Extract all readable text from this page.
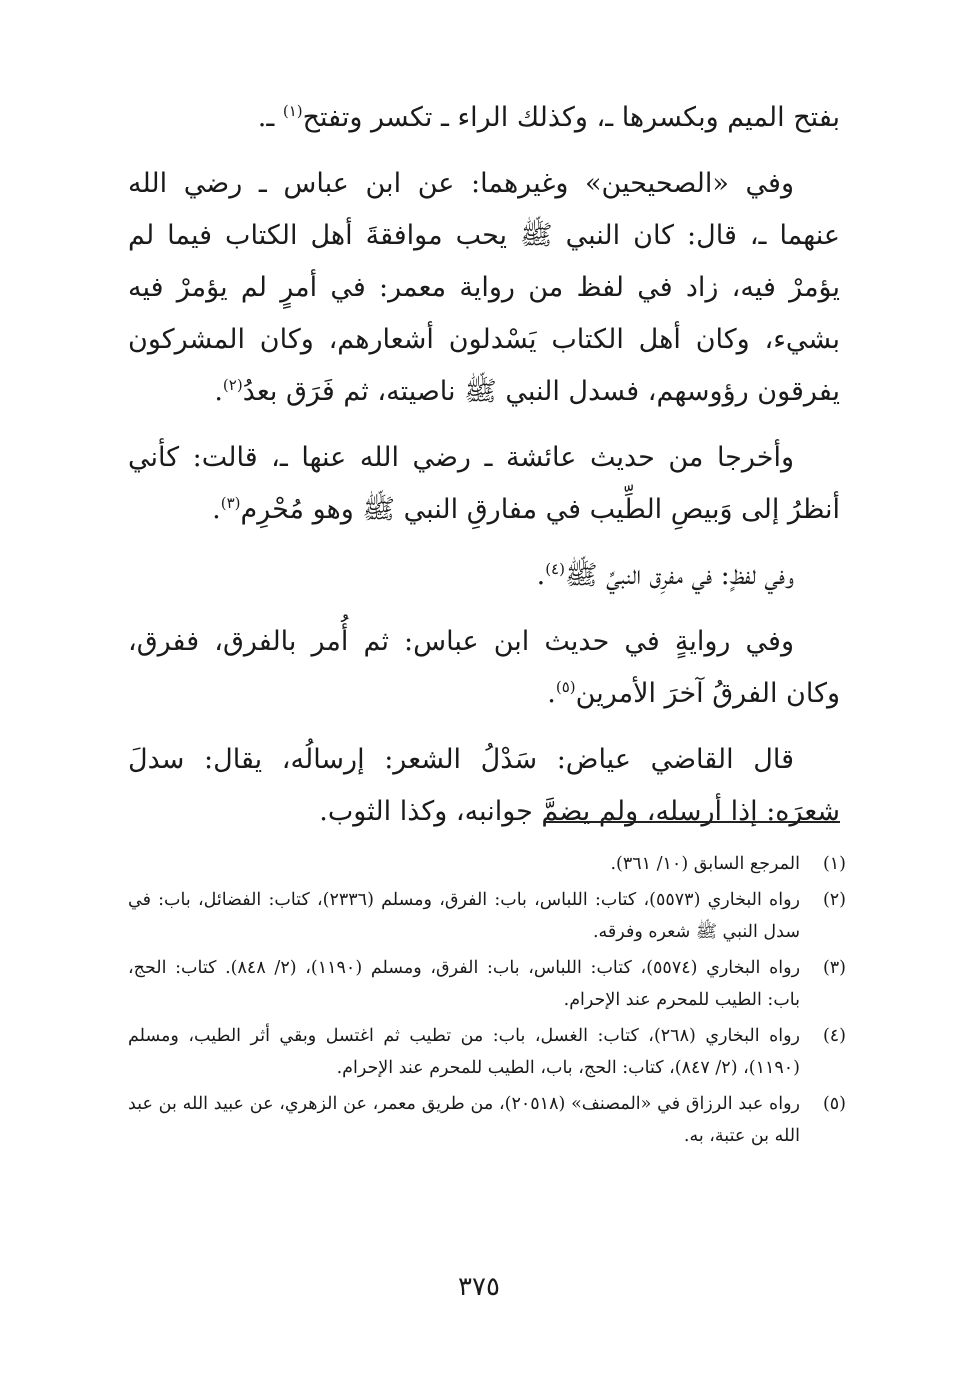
بفتح الميم وبكسرها ـ، وكذلك الراء ـ تكسر وتفتح$^{(١)}$ ـ.

وفي «الصحيحين» وغيرهما: عن ابن عباس ـ رضي الله عنهما ـ، قال: كان النبي ﷺ يحب موافقةَ أهل الكتاب فيما لم يؤمرْ فيه، زاد في لفظ من رواية معمر: في أمرٍ لم يؤمرْ فيه بشيء، وكان أهل الكتاب يَسْدلون أشعارهم، وكان المشركون يفرقون رؤوسهم، فسدل النبي ﷺ ناصيته، ثم فَرَق بعدُ$^{(٢)}$.

وأخرجا من حديث عائشة ـ رضي الله عنها ـ، قالت: كأني أنظرُ إلى وَبيصِ الطِّيب في مفارقِ النبي ﷺ وهو مُحْرِم$^{(٣)}$.

وفي لفظٍ: في مفرِق النبيِّ ﷺ$^{(٤)}$.

وفي روايةٍ في حديث ابن عباس: ثم أُمر بالفرق، ففرق، وكان الفرقُ آخرَ الأمرين$^{(٥)}$.

قال القاضي عياض: سَدْلُ الشعر: إرسالُه، يقال: سدلَ شعرَه: إذا أرسله، ولم يضمَّ جوانبه، وكذا الثوب.

(١)
المرجع السابق (١٠/ ٣٦١).
(٢)
رواه البخاري (٥٥٧٣)، كتاب: اللباس، باب: الفرق، ومسلم (٢٣٣٦)، كتاب: الفضائل، باب: في سدل النبي ﷺ شعره وفرقه.
(٣)
رواه البخاري (٥٥٧٤)، كتاب: اللباس، باب: الفرق، ومسلم (١١٩٠)، (٢/ ٨٤٨). كتاب: الحج، باب: الطيب للمحرم عند الإحرام.
(٤)
رواه البخاري (٢٦٨)، كتاب: الغسل، باب: من تطيب ثم اغتسل وبقي أثر الطيب، ومسلم (١١٩٠)، (٢/ ٨٤٧)، كتاب: الحج، باب، الطيب للمحرم عند الإحرام.
(٥)
رواه عبد الرزاق في «المصنف» (٢٠٥١٨)، من طريق معمر، عن الزهري، عن عبيد الله بن عبد الله بن عتبة، به.
٣٧٥
